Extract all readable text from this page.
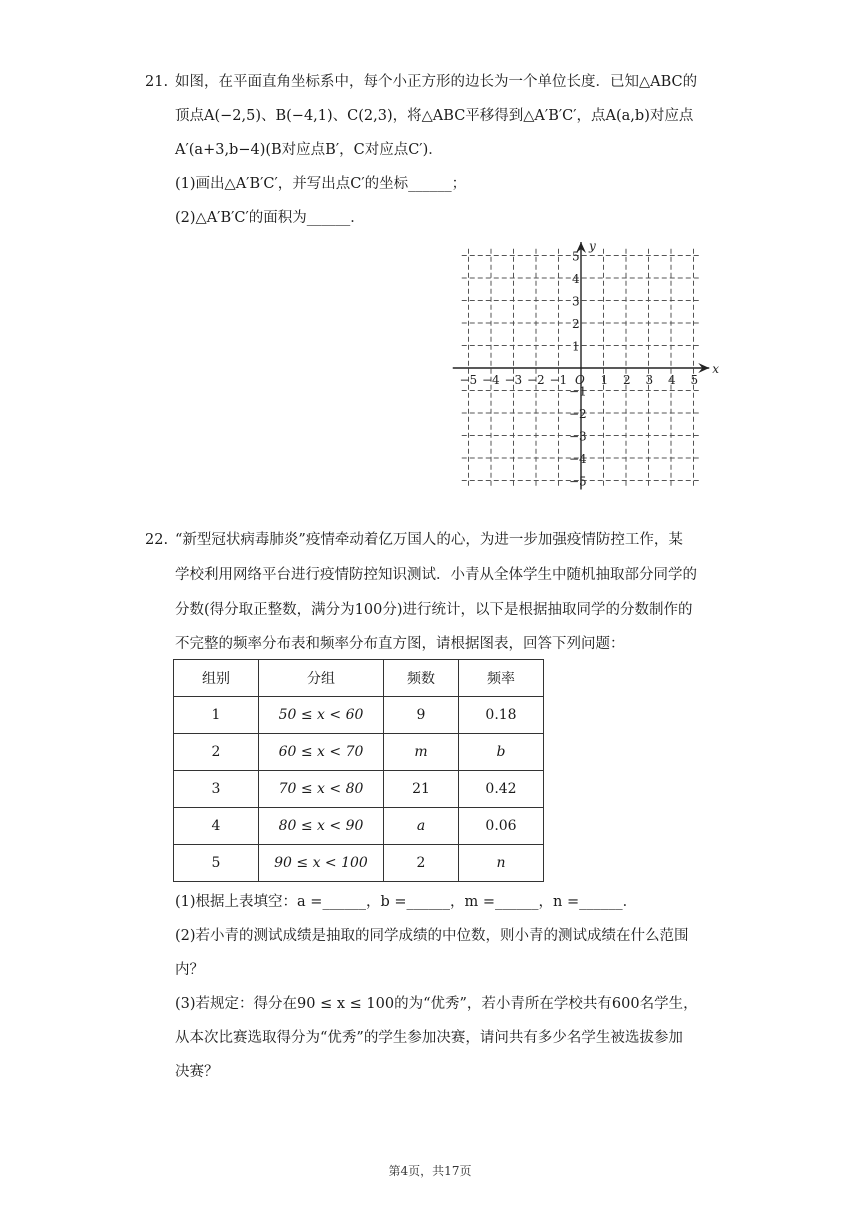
21. 如图，在平面直角坐标系中，每个小正方形的边长为一个单位长度．已知△ABC的
顶点A(−2,5)、B(−4,1)、C(2,3)，将△ABC平移得到△A′B′C′，点A(a,b)对应点
A′(a+3,b−4)(B对应点B′，C对应点C′)．
(1)画出△A′B′C′，并写出点C′的坐标______；
(2)△A′B′C′的面积为______．
−5 −4 −3 −2 −1	1 2 3 4 5
5
4
3
2
1
−1
−2
−3
−4
−5
x
y
O
22. “新型冠状病毒肺炎”疫情牵动着亿万国人的心，为进一步加强疫情防控工作，某
学校利用网络平台进行疫情防控知识测试．小青从全体学生中随机抽取部分同学的
分数(得分取正整数，满分为100分)进行统计，以下是根据抽取同学的分数制作的
不完整的频率分布表和频率分布直方图，请根据图表，回答下列问题：
组别	分组	频数	频率
1	50 ≤ x < 60	9	0.18
2	60 ≤ x < 70	m	b
3	70 ≤ x < 80	21	0.42
4	80 ≤ x < 90	a	0.06
5	90 ≤ x < 100	2	n
(1)根据上表填空：a =______，b =______，m =______，n =______．
(2)若小青的测试成绩是抽取的同学成绩的中位数，则小青的测试成绩在什么范围
内？
(3)若规定：得分在90 ≤ x ≤ 100的为“优秀”，若小青所在学校共有600名学生，
从本次比赛选取得分为“优秀”的学生参加决赛，请问共有多少名学生被选拔参加
决赛？
第4页，共17页
